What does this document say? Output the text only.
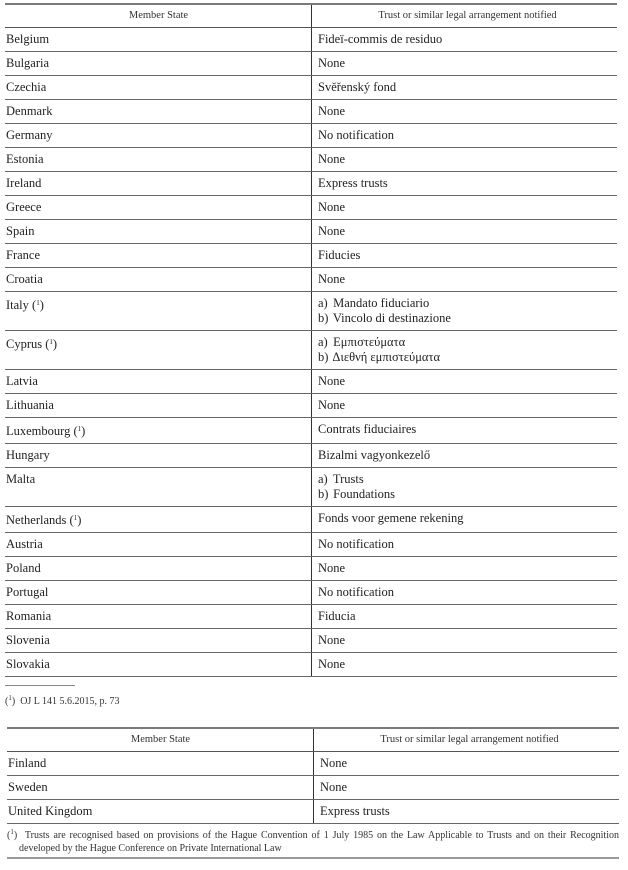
Member State	Trust or similar legal arrangement notified
Belgium	Fideï-commis de residuo
Bulgaria	None
Czechia	Svěřenský fond
Denmark	None
Germany	No notification
Estonia	None
Ireland	Express trusts
Greece	None
Spain	None
France	Fiducies
Croatia	None
Italy ($^1$)	a) Mandato fiduciario
b) Vincolo di destinazione

Cyprus ($^1$)	a) Εμπιστεύματα
b) Διεθνή εμπιστεύματα

Latvia	None
Lithuania	None
Luxembourg ($^1$)	Contrats fiduciaires
Hungary	Bizalmi vagyonkezelő
Malta	a) Trusts
b) Foundations

Netherlands ($^1$)	Fonds voor gemene rekening
Austria	No notification
Poland	None
Portugal	No notification
Romania	Fiducia
Slovenia	None
Slovakia	None
($^1$)  OJ L 141 5.6.2015, p. 73
Member State	Trust or similar legal arrangement notified
Finland	None
Sweden	None
United Kingdom	Express trusts
($^1$)  Trusts are recognised based on provisions of the Hague Convention of 1 July 1985 on the Law Applicable to Trusts and on their Recognition developed by the Hague Conference on Private International Law
